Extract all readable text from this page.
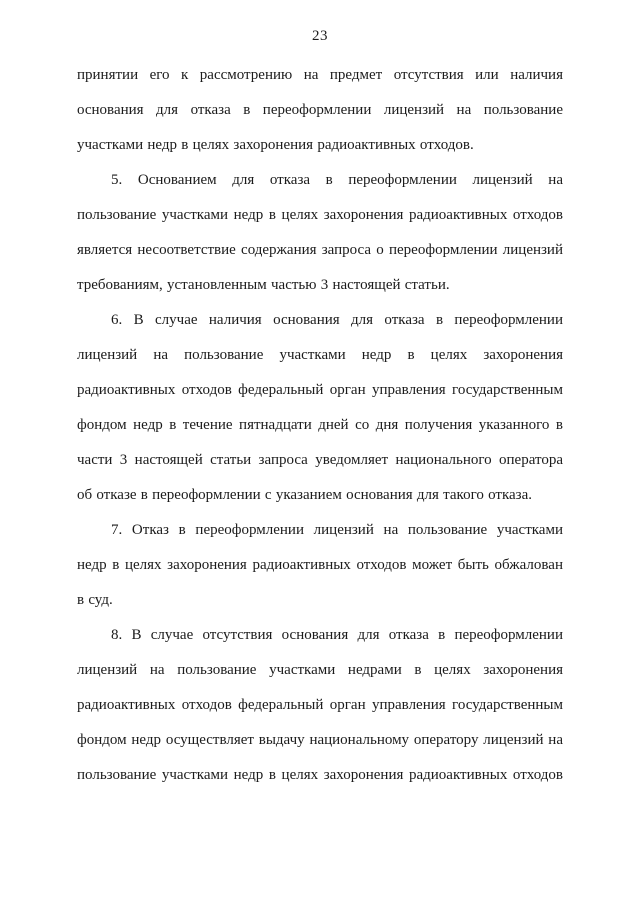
23

принятии его к рассмотрению на предмет отсутствия или наличия
основания для отказа в переоформлении лицензий на пользование
участками недр в целях захоронения радиоактивных отходов.

5. Основанием для отказа в переоформлении лицензий на
пользование участками недр в целях захоронения радиоактивных отходов
является несоответствие содержания запроса о переоформлении лицензий
требованиям, установленным частью 3 настоящей статьи.

6. В случае наличия основания для отказа в переоформлении
лицензий на пользование участками недр в целях захоронения
радиоактивных отходов федеральный орган управления государственным
фондом недр в течение пятнадцати дней со дня получения указанного в
части 3 настоящей статьи запроса уведомляет национального оператора
об отказе в переоформлении с указанием основания для такого отказа.

7. Отказ в переоформлении лицензий на пользование участками
недр в целях захоронения радиоактивных отходов может быть обжалован
в суд.

8. В случае отсутствия основания для отказа в переоформлении
лицензий на пользование участками недрами в целях захоронения
радиоактивных отходов федеральный орган управления государственным
фондом недр осуществляет выдачу национальному оператору лицензий на
пользование участками недр в целях захоронения радиоактивных отходов
